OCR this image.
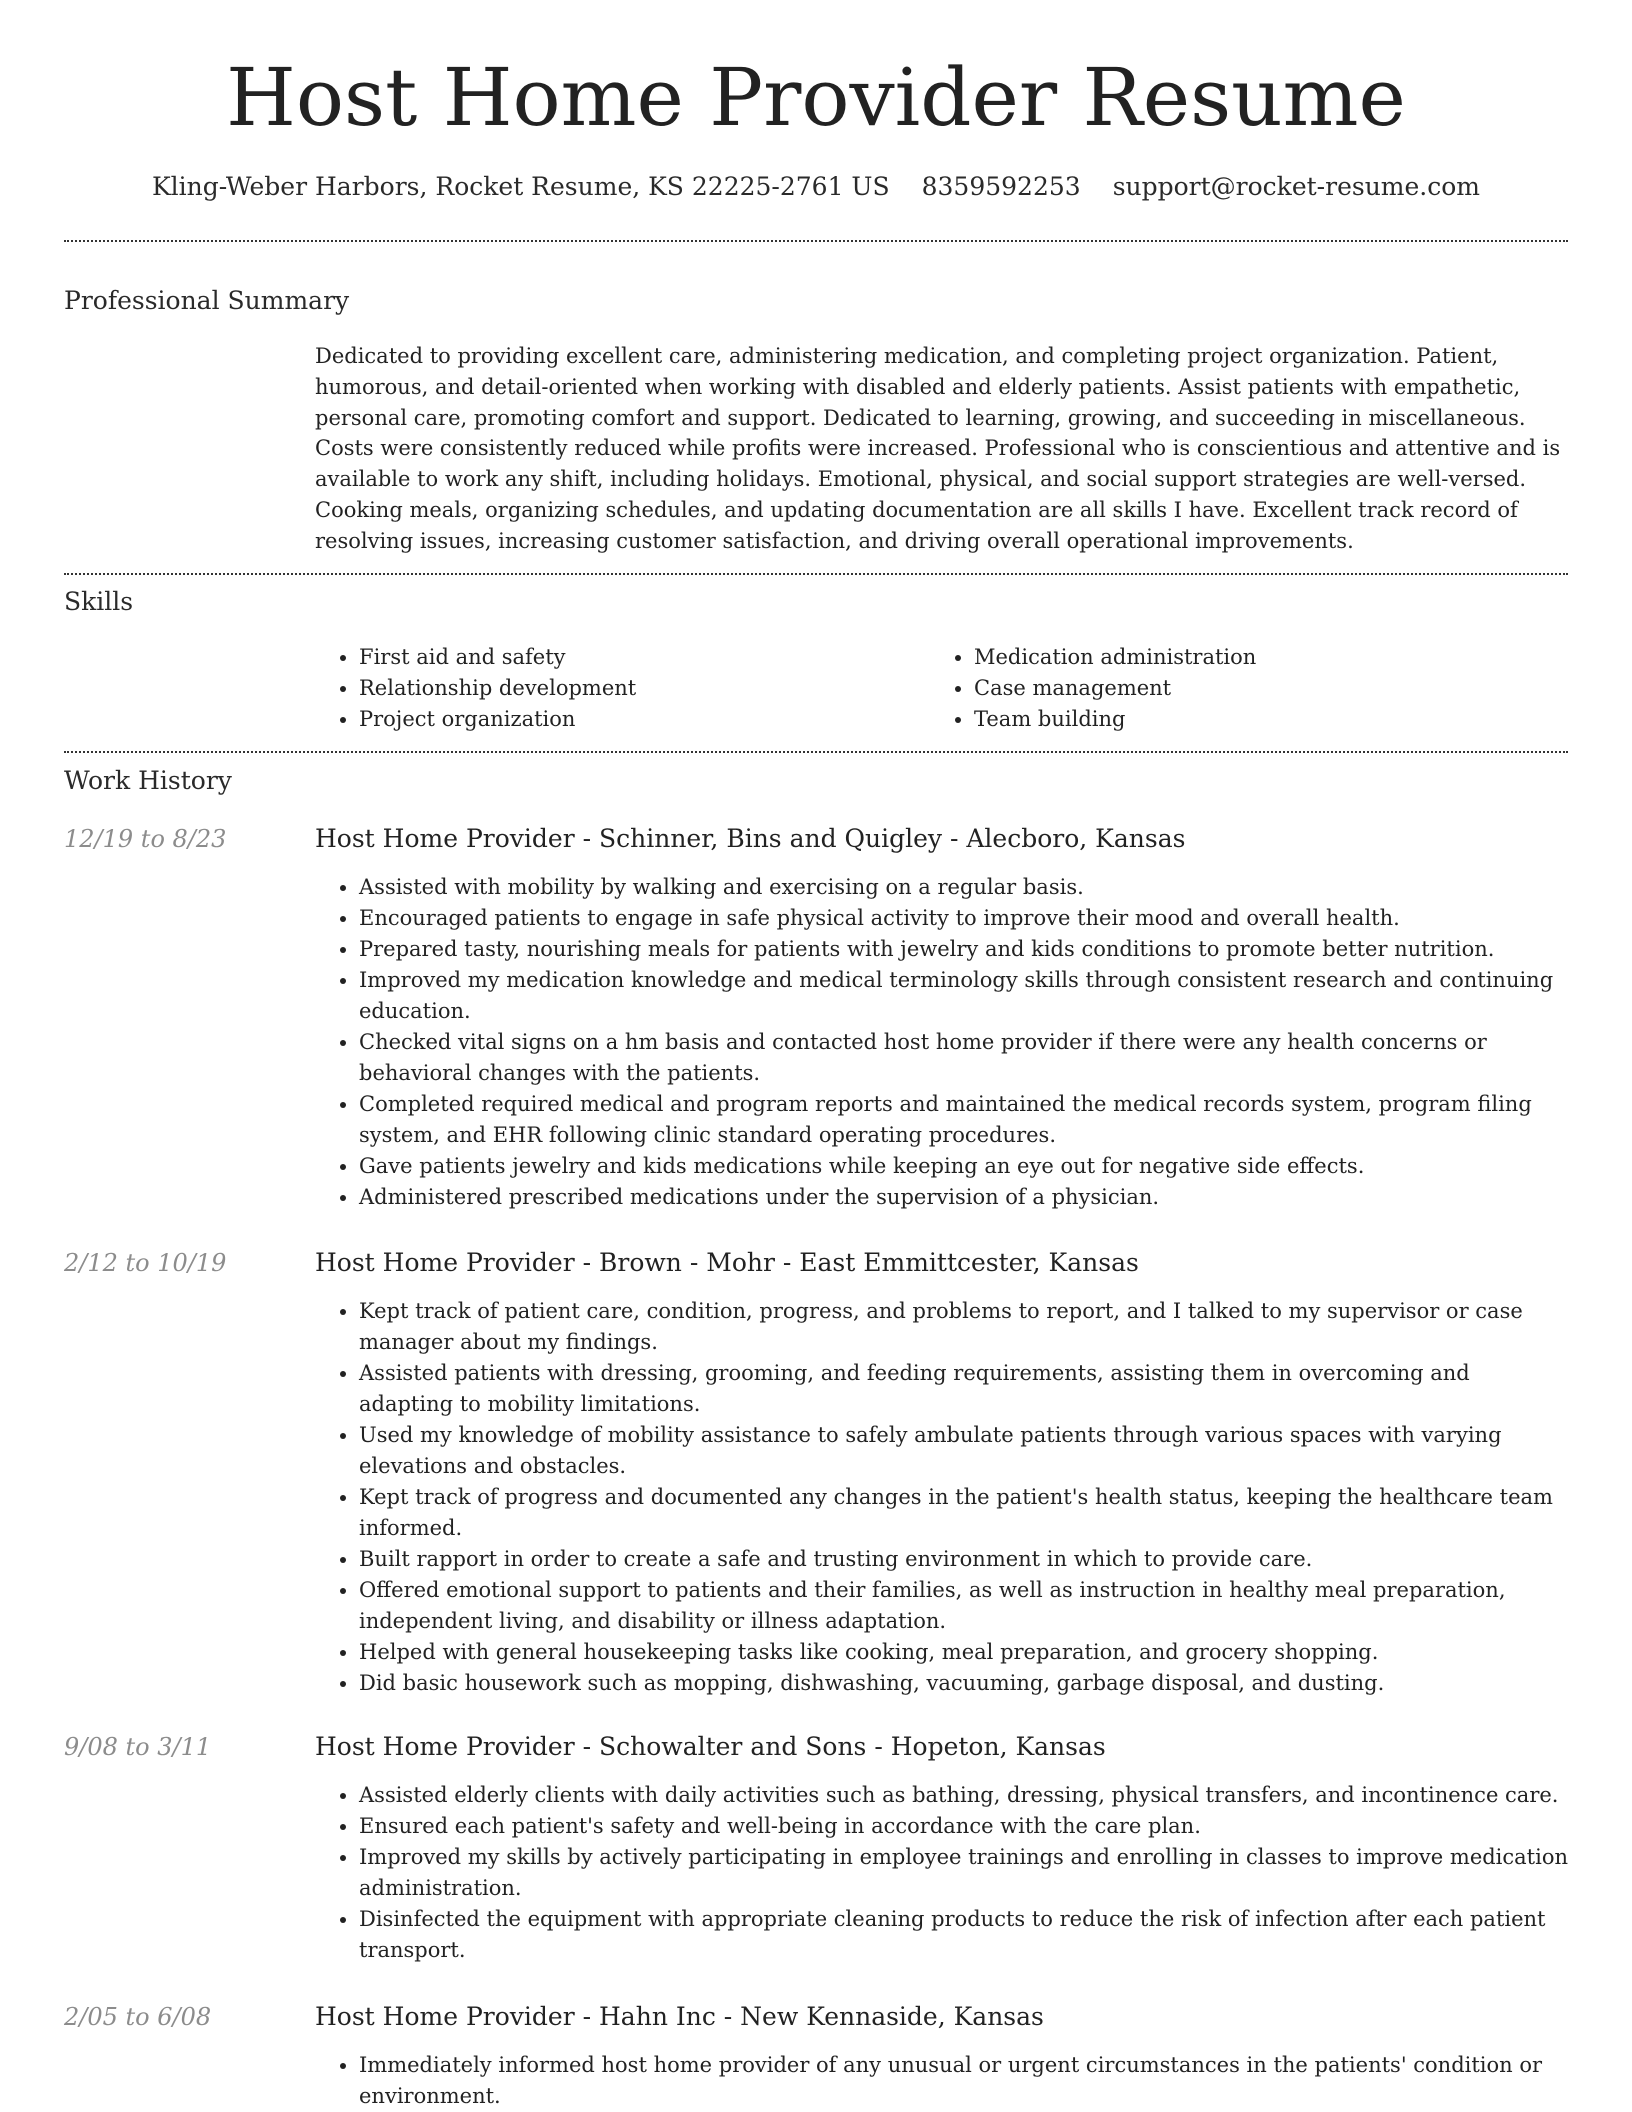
Host Home Provider Resume
Kling-Weber Harbors, Rocket Resume, KS 22225-2761 US 8359592253 support@rocket-resume.com
Professional Summary

Dedicated to providing excellent care, administering medication, and completing project organization. Patient, humorous, and detail-oriented when working with disabled and elderly patients. Assist patients with empathetic, personal care, promoting comfort and support. Dedicated to learning, growing, and succeeding in miscellaneous. Costs were consistently reduced while profits were increased. Professional who is conscientious and attentive and is available to work any shift, including holidays. Emotional, physical, and social support strategies are well-versed. Cooking meals, organizing schedules, and updating documentation are all skills I have. Excellent track record of resolving issues, increasing customer satisfaction, and driving overall operational improvements.

Skills
• First aid and safety
• Relationship development
• Project organization
• Medication administration
• Case management
• Team building
Work History
12/19 to 8/23	Host Home Provider - Schinner, Bins and Quigley - Alecboro, Kansas
• Assisted with mobility by walking and exercising on a regular basis.
• Encouraged patients to engage in safe physical activity to improve their mood and overall health.
• Prepared tasty, nourishing meals for patients with jewelry and kids conditions to promote better nutrition.
• Improved my medication knowledge and medical terminology skills through consistent research and continuing education.
• Checked vital signs on a hm basis and contacted host home provider if there were any health concerns or behavioral changes with the patients.
• Completed required medical and program reports and maintained the medical records system, program filing system, and EHR following clinic standard operating procedures.
• Gave patients jewelry and kids medications while keeping an eye out for negative side effects.
• Administered prescribed medications under the supervision of a physician.
2/12 to 10/19	Host Home Provider - Brown - Mohr - East Emmittcester, Kansas
• Kept track of patient care, condition, progress, and problems to report, and I talked to my supervisor or case manager about my findings.
• Assisted patients with dressing, grooming, and feeding requirements, assisting them in overcoming and adapting to mobility limitations.
• Used my knowledge of mobility assistance to safely ambulate patients through various spaces with varying elevations and obstacles.
• Kept track of progress and documented any changes in the patient's health status, keeping the healthcare team informed.
• Built rapport in order to create a safe and trusting environment in which to provide care.
• Offered emotional support to patients and their families, as well as instruction in healthy meal preparation, independent living, and disability or illness adaptation.
• Helped with general housekeeping tasks like cooking, meal preparation, and grocery shopping.
• Did basic housework such as mopping, dishwashing, vacuuming, garbage disposal, and dusting.
9/08 to 3/11	Host Home Provider - Schowalter and Sons - Hopeton, Kansas
• Assisted elderly clients with daily activities such as bathing, dressing, physical transfers, and incontinence care.
• Ensured each patient's safety and well-being in accordance with the care plan.
• Improved my skills by actively participating in employee trainings and enrolling in classes to improve medication administration.
• Disinfected the equipment with appropriate cleaning products to reduce the risk of infection after each patient transport.
2/05 to 6/08	Host Home Provider - Hahn Inc - New Kennaside, Kansas
• Immediately informed host home provider of any unusual or urgent circumstances in the patients' condition or environment.
